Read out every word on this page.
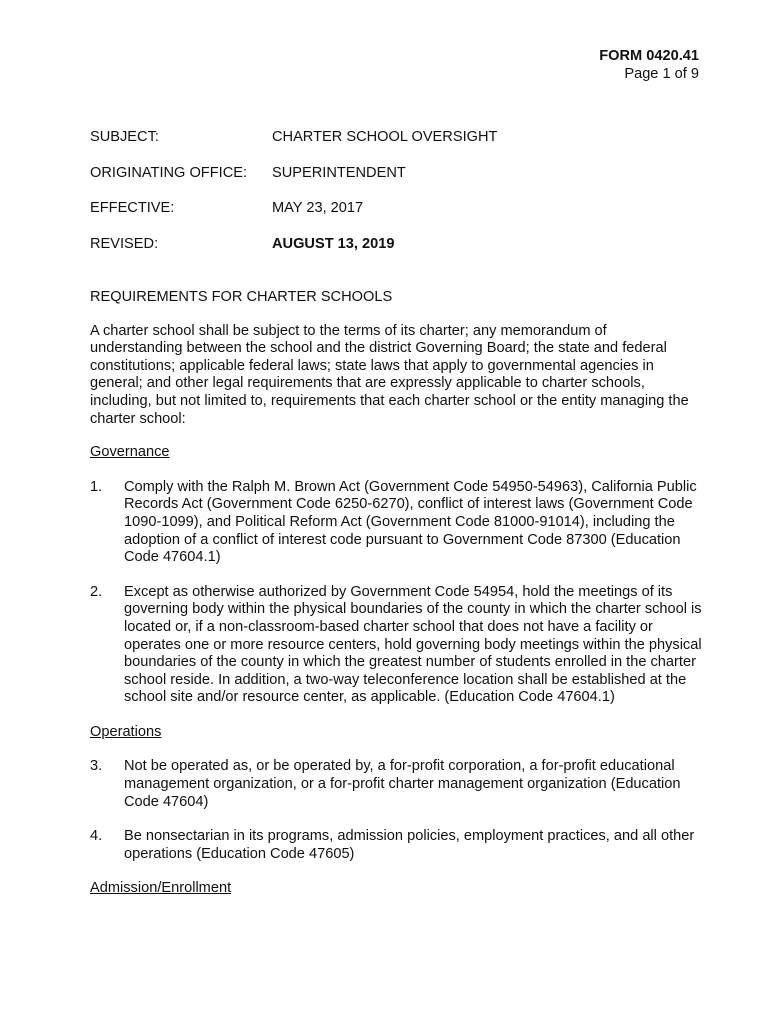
FORM 0420.41
Page 1 of 9
SUBJECT:	CHARTER SCHOOL OVERSIGHT
ORIGINATING OFFICE:	SUPERINTENDENT
EFFECTIVE:	MAY 23, 2017
REVISED:	AUGUST 13, 2019
REQUIREMENTS FOR CHARTER SCHOOLS
A charter school shall be subject to the terms of its charter; any memorandum of understanding between the school and the district Governing Board; the state and federal constitutions; applicable federal laws; state laws that apply to governmental agencies in general; and other legal requirements that are expressly applicable to charter schools, including, but not limited to, requirements that each charter school or the entity managing the charter school:
Governance
1.	Comply with the Ralph M. Brown Act (Government Code 54950-54963), California Public Records Act (Government Code 6250-6270), conflict of interest laws (Government Code 1090-1099), and Political Reform Act (Government Code 81000-91014), including the adoption of a conflict of interest code pursuant to Government Code 87300 (Education Code 47604.1)
2.	Except as otherwise authorized by Government Code 54954, hold the meetings of its governing body within the physical boundaries of the county in which the charter school is located or, if a non-classroom-based charter school that does not have a facility or operates one or more resource centers, hold governing body meetings within the physical boundaries of the county in which the greatest number of students enrolled in the charter school reside. In addition, a two-way teleconference location shall be established at the school site and/or resource center, as applicable. (Education Code 47604.1)
Operations
3.	Not be operated as, or be operated by, a for-profit corporation, a for-profit educational management organization, or a for-profit charter management organization (Education Code 47604)
4.	Be nonsectarian in its programs, admission policies, employment practices, and all other operations (Education Code 47605)
Admission/Enrollment
